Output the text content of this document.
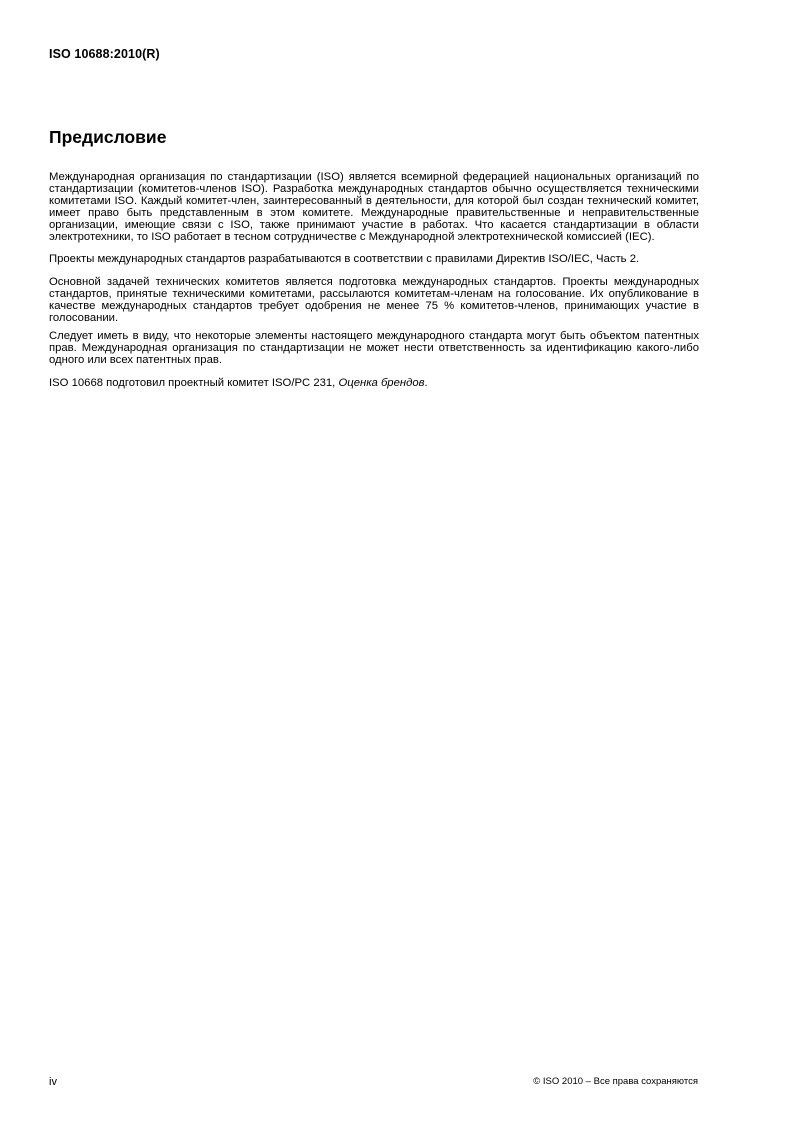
ISO 10688:2010(R)
Предисловие

Международная организация по стандартизации (ISO) является всемирной федерацией национальных организаций по стандартизации (комитетов-членов ISO). Разработка международных стандартов обычно осуществляется техническими комитетами ISO. Каждый комитет-член, заинтересованный в деятельности, для которой был создан технический комитет, имеет право быть представленным в этом комитете. Международные правительственные и неправительственные организации, имеющие связи с ISO, также принимают участие в работах. Что касается стандартизации в области электротехники, то ISO работает в тесном сотрудничестве с Международной электротехнической комиссией (IEC).

Проекты международных стандартов разрабатываются в соответствии с правилами Директив ISO/IEC, Часть 2.

Основной задачей технических комитетов является подготовка международных стандартов. Проекты международных стандартов, принятые техническими комитетами, рассылаются комитетам-членам на голосование. Их опубликование в качестве международных стандартов требует одобрения не менее 75 % комитетов-членов, принимающих участие в голосовании.

Следует иметь в виду, что некоторые элементы настоящего международного стандарта могут быть объектом патентных прав. Международная организация по стандартизации не может нести ответственность за идентификацию какого-либо одного или всех патентных прав.

ISO 10668 подготовил проектный комитет ISO/PC 231, Оценка брендов.

iv	© ISO 2010 – Все права сохраняются
